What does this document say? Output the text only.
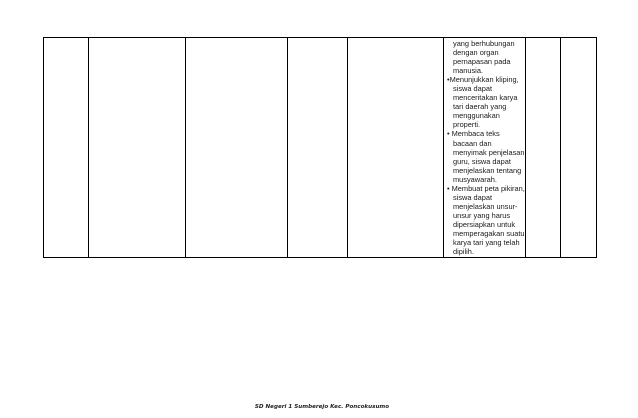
yang berhubungan
dengan organ
pernapasan pada
manusia.
•Menunjukkan kliping,
siswa dapat
menceritakan karya
tari daerah yang
menggunakan
properti.
• Membaca teks
bacaan dan
menyimak penjelasan
guru, siswa dapat
menjelaskan tentang
musyawarah.
• Membuat peta pikiran,
siswa dapat
menjelaskan unsur-
unsur yang harus
dipersiapkan untuk
memperagakan suatu
karya tari yang telah
dipilih.

SD Negeri 1 Sumberejo Kec. Poncokusumo
